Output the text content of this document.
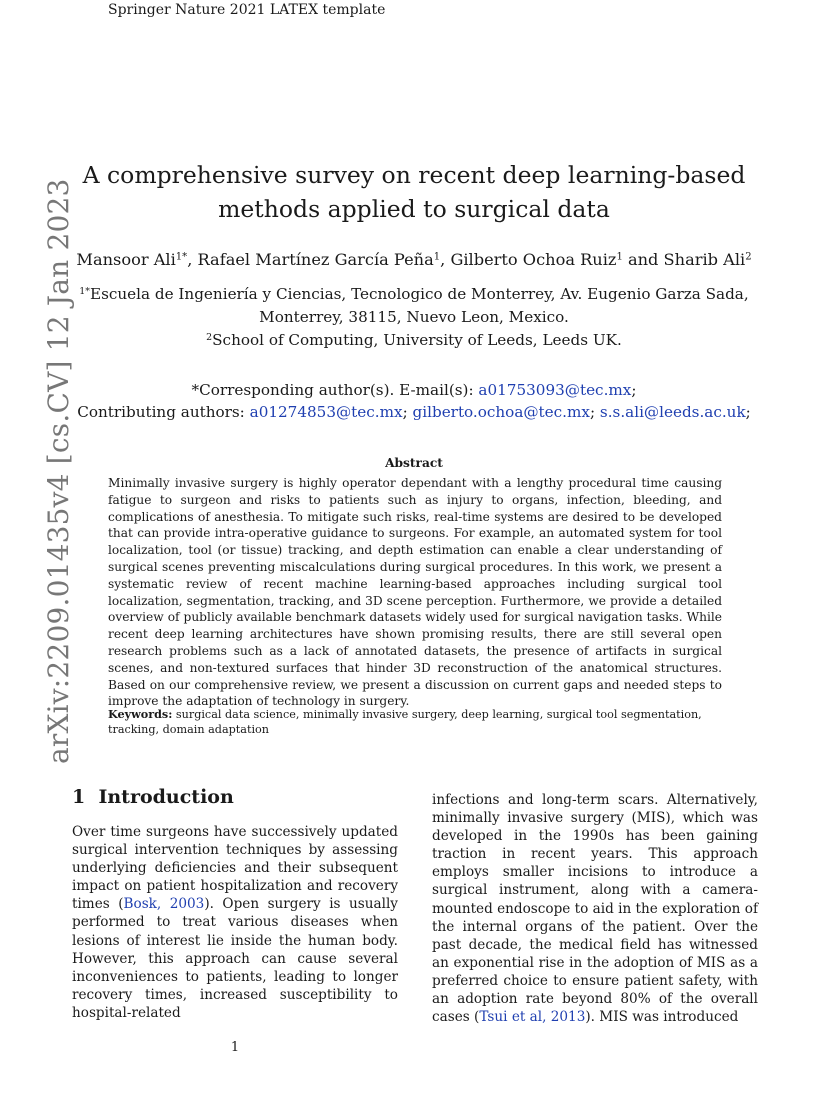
Springer Nature 2021 LATEX template
arXiv:2209.01435v4 [cs.CV] 12 Jan 2023
A comprehensive survey on recent deep learning-based
methods applied to surgical data
Mansoor Ali$^{1*}$, Rafael Martínez García Peña$^1$, Gilberto Ochoa Ruiz$^1$ and Sharib Ali$^2$
$^{1*}$Escuela de Ingeniería y Ciencias, Tecnologico de Monterrey, Av. Eugenio Garza Sada,
Monterrey, 38115, Nuevo Leon, Mexico.
$^2$School of Computing, University of Leeds, Leeds UK.
*Corresponding author(s). E-mail(s): a01753093@tec.mx;
Contributing authors: a01274853@tec.mx; gilberto.ochoa@tec.mx; s.s.ali@leeds.ac.uk;
Abstract
Minimally invasive surgery is highly operator dependant with a lengthy procedural time causing fatigue to surgeon and risks to patients such as injury to organs, infection, bleeding, and complications of anesthesia. To mitigate such risks, real-time systems are desired to be developed that can provide intra-operative guidance to surgeons. For example, an automated system for tool localization, tool (or tissue) tracking, and depth estimation can enable a clear understanding of surgical scenes preventing miscalculations during surgical procedures. In this work, we present a systematic review of recent machine learning-based approaches including surgical tool localization, segmentation, tracking, and 3D scene perception. Furthermore, we provide a detailed overview of publicly available benchmark datasets widely used for surgical navigation tasks. While recent deep learning architectures have shown promising results, there are still several open research problems such as a lack of annotated datasets, the presence of artifacts in surgical scenes, and non-textured surfaces that hinder 3D reconstruction of the anatomical structures. Based on our comprehensive review, we present a discussion on current gaps and needed steps to improve the adaptation of technology in surgery.
Keywords: surgical data science, minimally invasive surgery, deep learning, surgical tool segmentation, tracking, domain adaptation
1 Introduction
Over time surgeons have successively updated surgical intervention techniques by assessing underlying deficiencies and their subsequent impact on patient hospitalization and recovery times (Bosk, 2003). Open surgery is usually performed to treat various diseases when lesions of interest lie inside the human body. However, this approach can cause several inconveniences to patients, leading to longer recovery times, increased susceptibility to hospital-related
infections and long-term scars. Alternatively, minimally invasive surgery (MIS), which was developed in the 1990s has been gaining traction in recent years. This approach employs smaller incisions to introduce a surgical instrument, along with a camera-mounted endoscope to aid in the exploration of the internal organs of the patient. Over the past decade, the medical field has witnessed an exponential rise in the adoption of MIS as a preferred choice to ensure patient safety, with an adoption rate beyond 80% of the overall cases (Tsui et al, 2013). MIS was introduced
1
